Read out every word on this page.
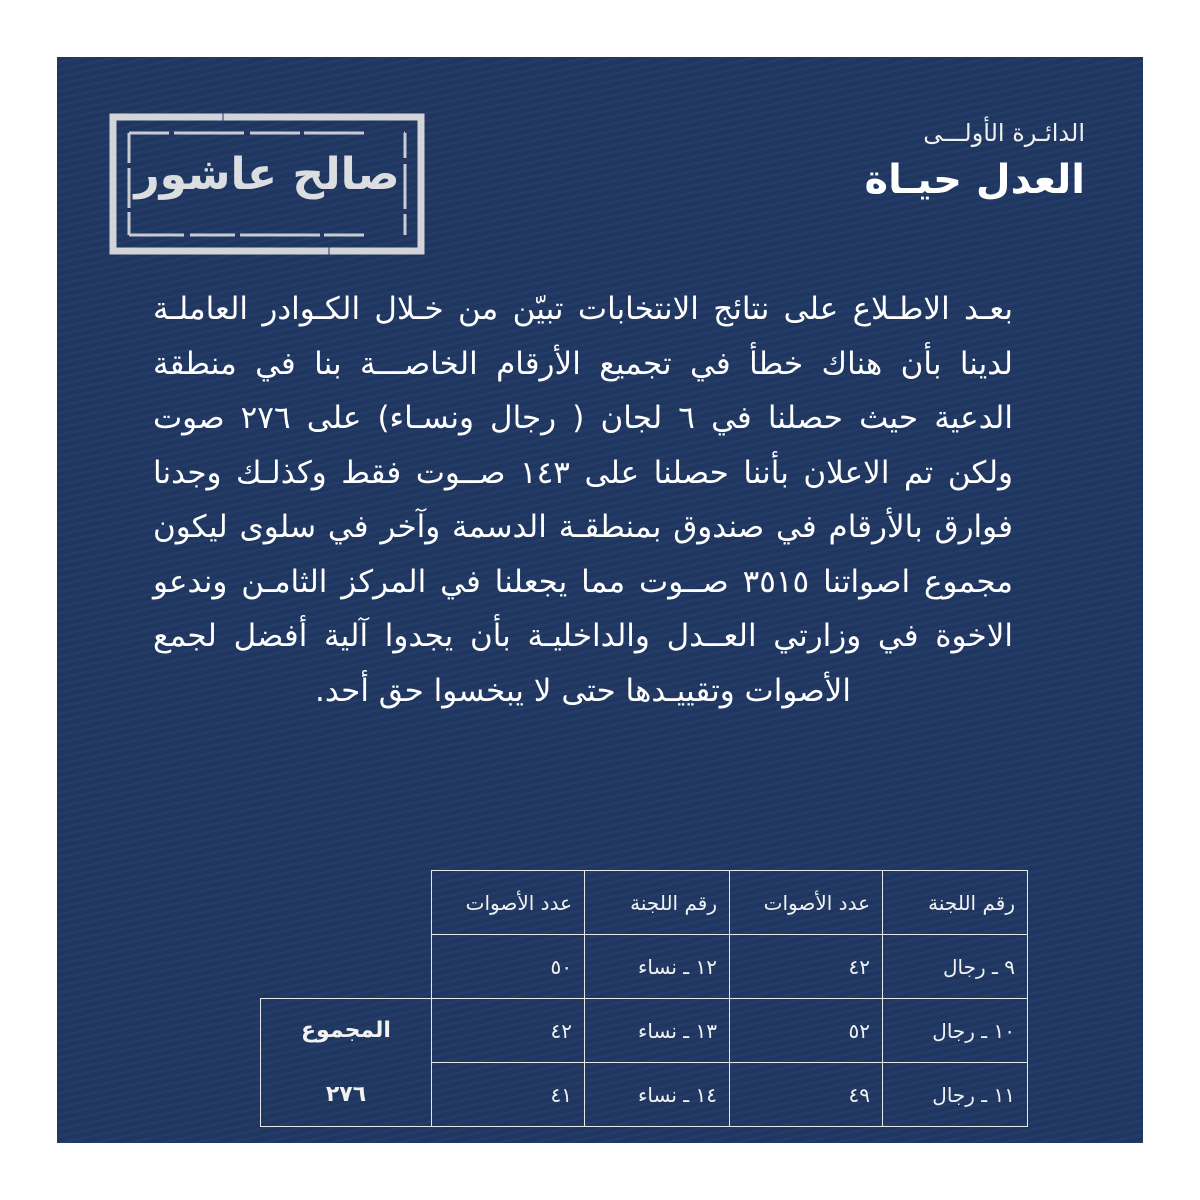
صالح عاشور
الدائـرة الأولـــى
العدل حيـاة
بعـد الاطـلاع على نتائج الانتخابات تبيّن من خـلال الكـوادر العاملـة لدينا بأن هناك خطأ في تجميع الأرقام الخاصـــة بنا في منطقة الدعية حيث حصلنا في ٦ لجان ( رجال ونسـاء) على ٢٧٦ صوت ولكن تم الاعلان بأننا حصلنا على ١٤٣ صــوت فقط وكذلـك وجدنا فوارق بالأرقام في صندوق بمنطقـة الدسمة وآخر في سلوى ليكون مجموع اصواتنا ٣٥١٥ صــوت مما يجعلنا في المركز الثامـن وندعو الاخوة في وزارتي العــدل والداخليـة بأن يجدوا آلية أفضل لجمع الأصوات وتقييـدها حتى لا يبخسوا حق أحد.
رقم اللجنة	عدد الأصوات	رقم اللجنة	عدد الأصوات	
٩ ـ رجال	٤٢	١٢ ـ نساء	٥٠	
١٠ ـ رجال	٥٢	١٣ ـ نساء	٤٢	المجموع
١١ ـ رجال	٤٩	١٤ ـ نساء	٤١	٢٧٦
